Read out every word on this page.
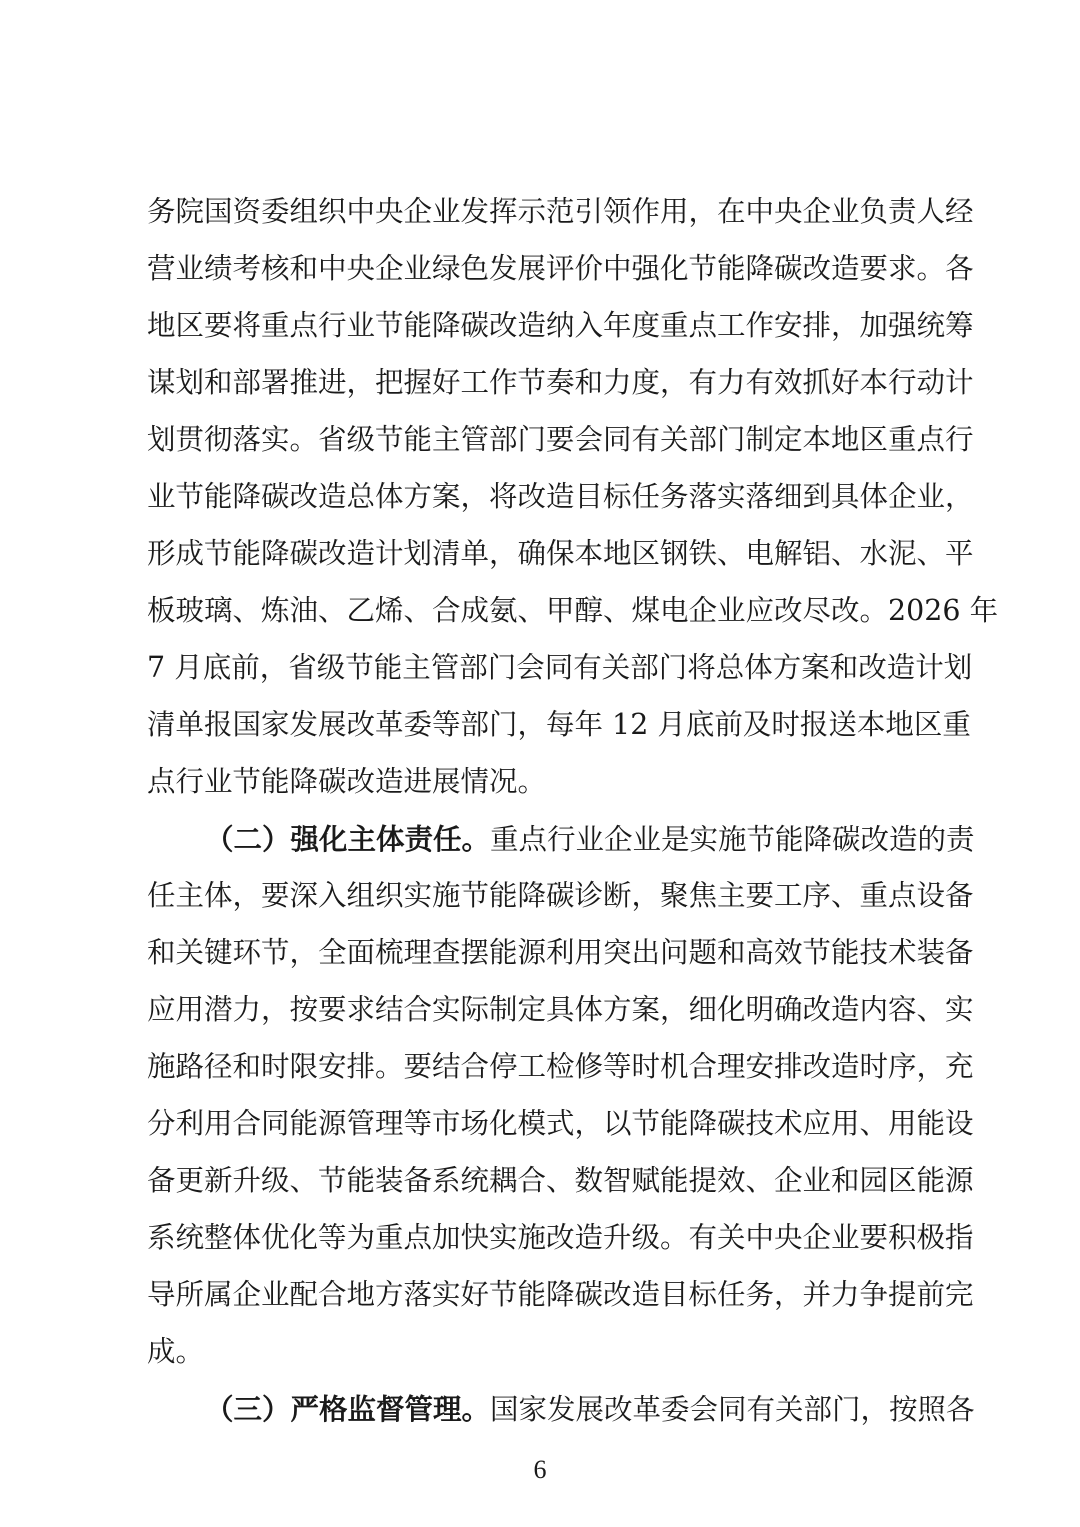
务院国资委组织中央企业发挥示范引领作用，在中央企业负责人经
营业绩考核和中央企业绿色发展评价中强化节能降碳改造要求。各
地区要将重点行业节能降碳改造纳入年度重点工作安排，加强统筹
谋划和部署推进，把握好工作节奏和力度，有力有效抓好本行动计
划贯彻落实。省级节能主管部门要会同有关部门制定本地区重点行
业节能降碳改造总体方案，将改造目标任务落实落细到具体企业，
形成节能降碳改造计划清单，确保本地区钢铁、电解铝、水泥、平
板玻璃、炼油、乙烯、合成氨、甲醇、煤电企业应改尽改。2026 年
7 月底前，省级节能主管部门会同有关部门将总体方案和改造计划
清单报国家发展改革委等部门，每年 12 月底前及时报送本地区重
点行业节能降碳改造进展情况。
（二）强化主体责任。重点行业企业是实施节能降碳改造的责
任主体，要深入组织实施节能降碳诊断，聚焦主要工序、重点设备
和关键环节，全面梳理查摆能源利用突出问题和高效节能技术装备
应用潜力，按要求结合实际制定具体方案，细化明确改造内容、实
施路径和时限安排。要结合停工检修等时机合理安排改造时序，充
分利用合同能源管理等市场化模式，以节能降碳技术应用、用能设
备更新升级、节能装备系统耦合、数智赋能提效、企业和园区能源
系统整体优化等为重点加快实施改造升级。有关中央企业要积极指
导所属企业配合地方落实好节能降碳改造目标任务，并力争提前完
成。
（三）严格监督管理。国家发展改革委会同有关部门，按照各
6
